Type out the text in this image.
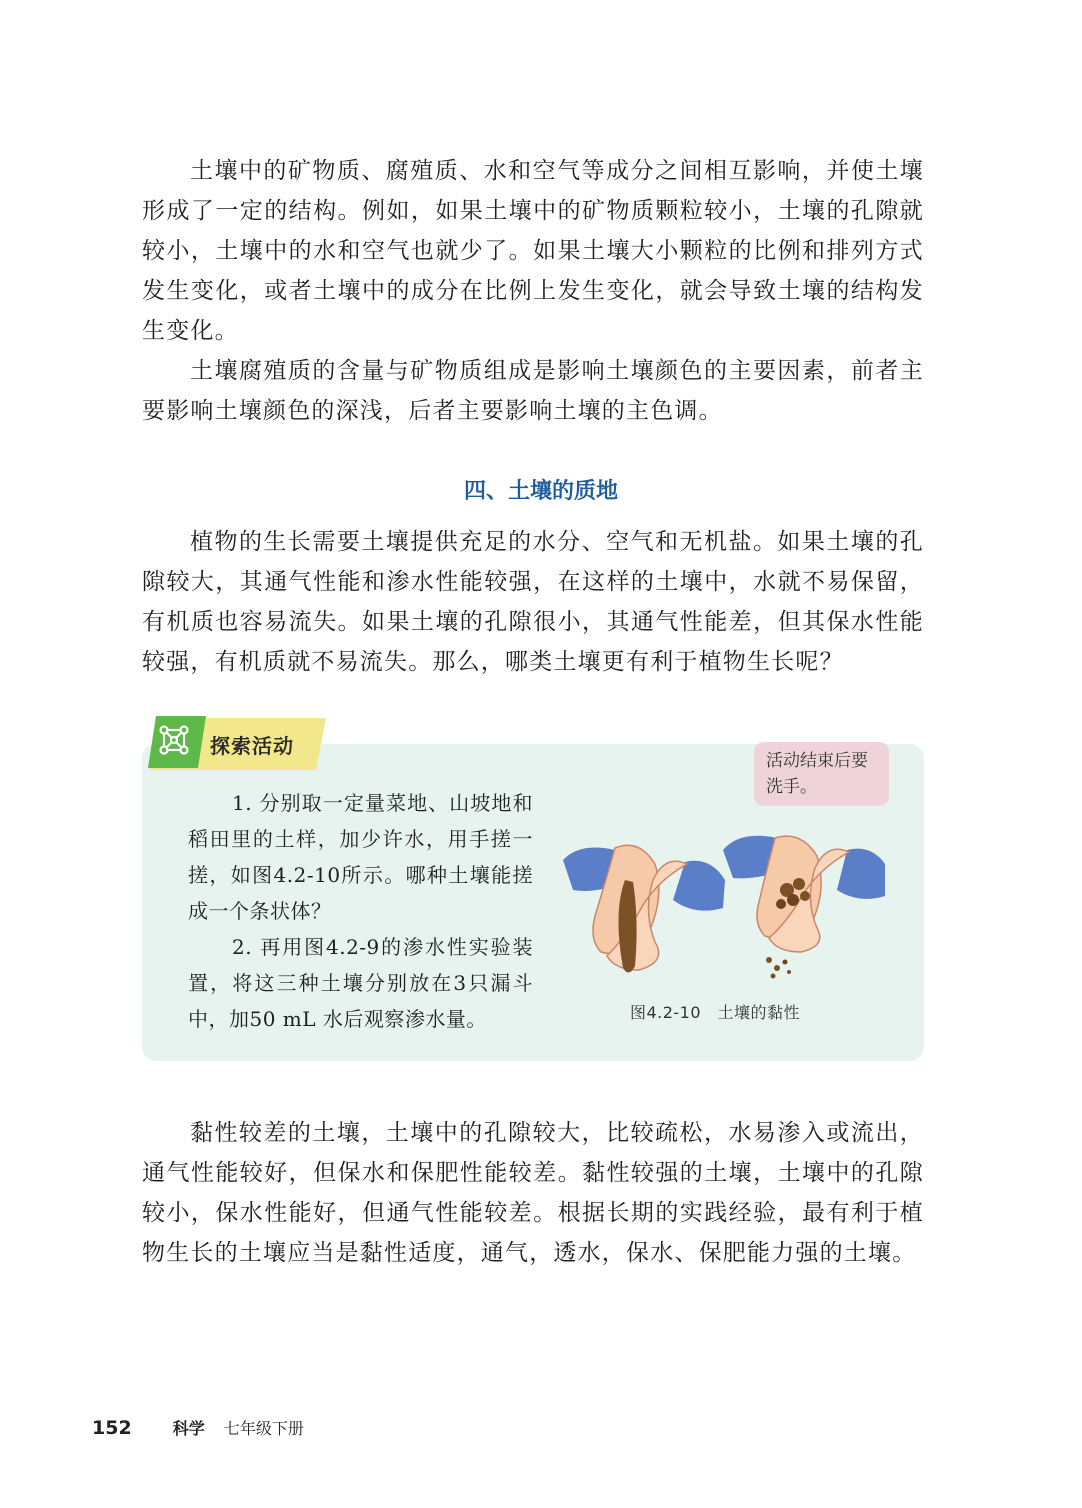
土壤中的矿物质、腐殖质、水和空气等成分之间相互影响，并使土壤形成了一定的结构。例如，如果土壤中的矿物质颗粒较小，土壤的孔隙就较小，土壤中的水和空气也就少了。如果土壤大小颗粒的比例和排列方式发生变化，或者土壤中的成分在比例上发生变化，就会导致土壤的结构发生变化。

土壤腐殖质的含量与矿物质组成是影响土壤颜色的主要因素，前者主要影响土壤颜色的深浅，后者主要影响土壤的主色调。

四、土壤的质地

植物的生长需要土壤提供充足的水分、空气和无机盐。如果土壤的孔隙较大，其通气性能和渗水性能较强，在这样的土壤中，水就不易保留，有机质也容易流失。如果土壤的孔隙很小，其通气性能差，但其保水性能较强，有机质就不易流失。那么，哪类土壤更有利于植物生长呢？

探索活动

1. 分别取一定量菜地、山坡地和稻田里的土样，加少许水，用手搓一搓，如图4.2-10所示。哪种土壤能搓成一个条状体？

2. 再用图4.2-9的渗水性实验装置，将这三种土壤分别放在3只漏斗中，加50 mL 水后观察渗水量。

活动结束后要洗手。
图4.2-10　土壤的黏性

黏性较差的土壤，土壤中的孔隙较大，比较疏松，水易渗入或流出，通气性能较好，但保水和保肥性能较差。黏性较强的土壤，土壤中的孔隙较小，保水性能好，但通气性能较差。根据长期的实践经验，最有利于植物生长的土壤应当是黏性适度，通气，透水，保水、保肥能力强的土壤。

152	科学 七年级下册
